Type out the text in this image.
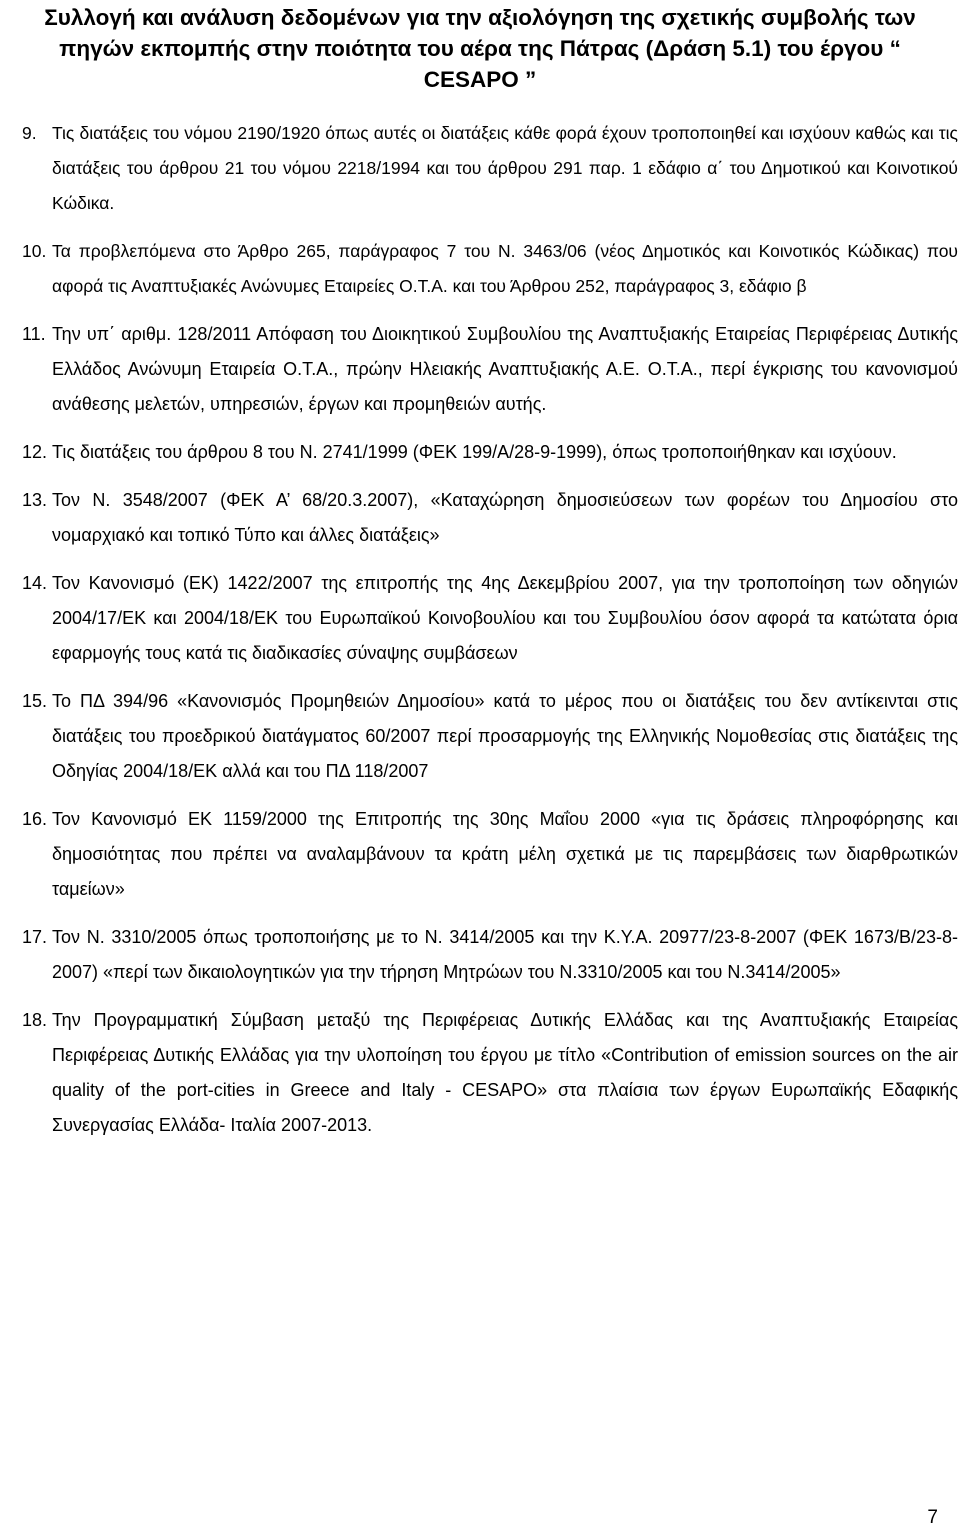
Συλλογή και ανάλυση δεδομένων για την αξιολόγηση της σχετικής συμβολής των
πηγών εκπομπής στην ποιότητα του αέρα της Πάτρας (Δράση 5.1) του έργου “
CESAPO ”
9. Τις διατάξεις του νόμου 2190/1920 όπως αυτές οι διατάξεις κάθε φορά έχουν τροποποιηθεί και ισχύουν καθώς και τις διατάξεις του άρθρου 21 του νόμου 2218/1994 και του άρθρου 291 παρ. 1 εδάφιο α΄ του Δημοτικού και Κοινοτικού Κώδικα.
10. Τα προβλεπόμενα στο Άρθρο 265, παράγραφος 7 του Ν. 3463/06 (νέος Δημοτικός και Κοινοτικός Κώδικας) που αφορά τις Αναπτυξιακές Ανώνυμες Εταιρείες Ο.Τ.Α. και του Άρθρου 252, παράγραφος 3, εδάφιο β
11. Την υπ΄ αριθμ. 128/2011 Απόφαση του Διοικητικού Συμβουλίου της Αναπτυξιακής Εταιρείας Περιφέρειας Δυτικής Ελλάδος Ανώνυμη Εταιρεία Ο.Τ.Α., πρώην Ηλειακής Αναπτυξιακής Α.Ε. Ο.Τ.Α., περί έγκρισης του κανονισμού ανάθεσης μελετών, υπηρεσιών, έργων και προμηθειών αυτής.
12. Τις διατάξεις του άρθρου 8 του Ν. 2741/1999 (ΦΕΚ 199/Α/28-9-1999), όπως τροποποιήθηκαν και ισχύουν.
13. Τον Ν. 3548/2007 (ΦΕΚ Α’ 68/20.3.2007), «Καταχώρηση δημοσιεύσεων των φορέων του Δημοσίου στο νομαρχιακό και τοπικό Τύπο και άλλες διατάξεις»
14. Τον Κανονισμό (ΕΚ) 1422/2007 της επιτροπής της 4ης Δεκεμβρίου 2007, για την τροποποίηση των οδηγιών 2004/17/ΕΚ και 2004/18/ΕΚ του Ευρωπαϊκού Κοινοβουλίου και του Συμβουλίου όσον αφορά τα κατώτατα όρια εφαρμογής τους κατά τις διαδικασίες σύναψης συμβάσεων
15. Το ΠΔ 394/96 «Κανονισμός Προμηθειών Δημοσίου» κατά το μέρος που οι διατάξεις του δεν αντίκεινται στις διατάξεις του προεδρικού διατάγματος 60/2007 περί προσαρμογής της Ελληνικής Νομοθεσίας στις διατάξεις της Οδηγίας 2004/18/ΕΚ αλλά και του ΠΔ 118/2007
16. Τον Κανονισμό ΕΚ 1159/2000 της Επιτροπής της 30ης Μαΐου 2000 «για τις δράσεις πληροφόρησης και δημοσιότητας που πρέπει να αναλαμβάνουν τα κράτη μέλη σχετικά με τις παρεμβάσεις των διαρθρωτικών ταμείων»
17. Τον Ν. 3310/2005 όπως τροποποιήσης με το Ν. 3414/2005 και την Κ.Υ.Α. 20977/23-8-2007 (ΦΕΚ 1673/Β/23-8-2007) «περί των δικαιολογητικών για την τήρηση Μητρώων του Ν.3310/2005 και του Ν.3414/2005»
18. Την Προγραμματική Σύμβαση μεταξύ της Περιφέρειας Δυτικής Ελλάδας και της Αναπτυξιακής Εταιρείας Περιφέρειας Δυτικής Ελλάδας για την υλοποίηση του έργου με τίτλο «Contribution of emission sources on the air quality of the port-cities in Greece and Italy - CESAPO» στα πλαίσια των έργων Ευρωπαϊκής Εδαφικής Συνεργασίας Ελλάδα- Ιταλία 2007-2013.
7
